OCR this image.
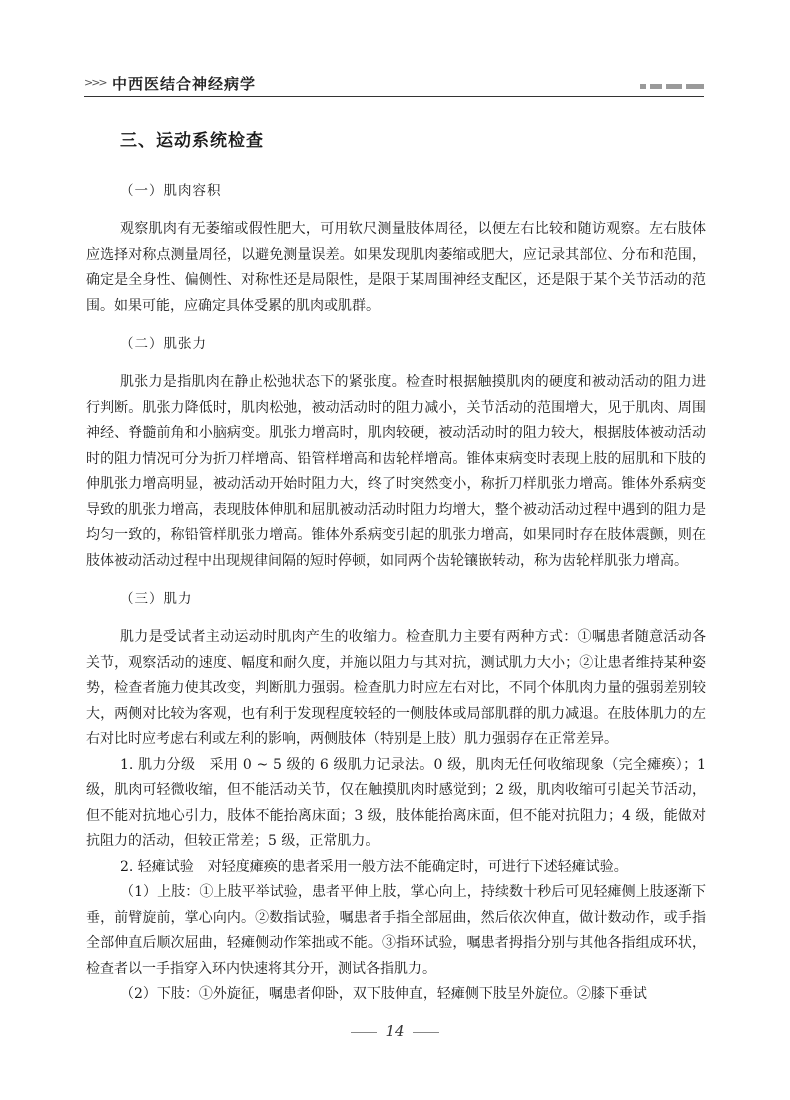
>>> 中西医结合神经病学
三、运动系统检查
（一）肌肉容积

观察肌肉有无萎缩或假性肥大，可用软尺测量肢体周径，以便左右比较和随访观察。左右肢体应选择对称点测量周径，以避免测量误差。如果发现肌肉萎缩或肥大，应记录其部位、分布和范围，确定是全身性、偏侧性、对称性还是局限性，是限于某周围神经支配区，还是限于某个关节活动的范围。如果可能，应确定具体受累的肌肉或肌群。

（二）肌张力

肌张力是指肌肉在静止松弛状态下的紧张度。检查时根据触摸肌肉的硬度和被动活动的阻力进行判断。肌张力降低时，肌肉松弛，被动活动时的阻力减小，关节活动的范围增大，见于肌肉、周围神经、脊髓前角和小脑病变。肌张力增高时，肌肉较硬，被动活动时的阻力较大，根据肢体被动活动时的阻力情况可分为折刀样增高、铅管样增高和齿轮样增高。锥体束病变时表现上肢的屈肌和下肢的伸肌张力增高明显，被动活动开始时阻力大，终了时突然变小，称折刀样肌张力增高。锥体外系病变导致的肌张力增高，表现肢体伸肌和屈肌被动活动时阻力均增大，整个被动活动过程中遇到的阻力是均匀一致的，称铅管样肌张力增高。锥体外系病变引起的肌张力增高，如果同时存在肢体震颤，则在肢体被动活动过程中出现规律间隔的短时停顿，如同两个齿轮镶嵌转动，称为齿轮样肌张力增高。

（三）肌力

肌力是受试者主动运动时肌肉产生的收缩力。检查肌力主要有两种方式：①嘱患者随意活动各关节，观察活动的速度、幅度和耐久度，并施以阻力与其对抗，测试肌力大小；②让患者维持某种姿势，检查者施力使其改变，判断肌力强弱。检查肌力时应左右对比，不同个体肌肉力量的强弱差别较大，两侧对比较为客观，也有利于发现程度较轻的一侧肢体或局部肌群的肌力减退。在肢体肌力的左右对比时应考虑右利或左利的影响，两侧肢体（特别是上肢）肌力强弱存在正常差异。

1. 肌力分级　采用 0 ~ 5 级的 6 级肌力记录法。0 级，肌肉无任何收缩现象（完全瘫痪）；1 级，肌肉可轻微收缩，但不能活动关节，仅在触摸肌肉时感觉到；2 级，肌肉收缩可引起关节活动，但不能对抗地心引力，肢体不能抬离床面；3 级，肢体能抬离床面，但不能对抗阻力；4 级，能做对抗阻力的活动，但较正常差；5 级，正常肌力。

2. 轻瘫试验　对轻度瘫痪的患者采用一般方法不能确定时，可进行下述轻瘫试验。

（1）上肢：①上肢平举试验，患者平伸上肢，掌心向上，持续数十秒后可见轻瘫侧上肢逐渐下垂，前臂旋前，掌心向内。②数指试验，嘱患者手指全部屈曲，然后依次伸直，做计数动作，或手指全部伸直后顺次屈曲，轻瘫侧动作笨拙或不能。③指环试验，嘱患者拇指分别与其他各指组成环状，检查者以一手指穿入环内快速将其分开，测试各指肌力。

（2）下肢：①外旋征，嘱患者仰卧，双下肢伸直，轻瘫侧下肢呈外旋位。②膝下垂试

14
